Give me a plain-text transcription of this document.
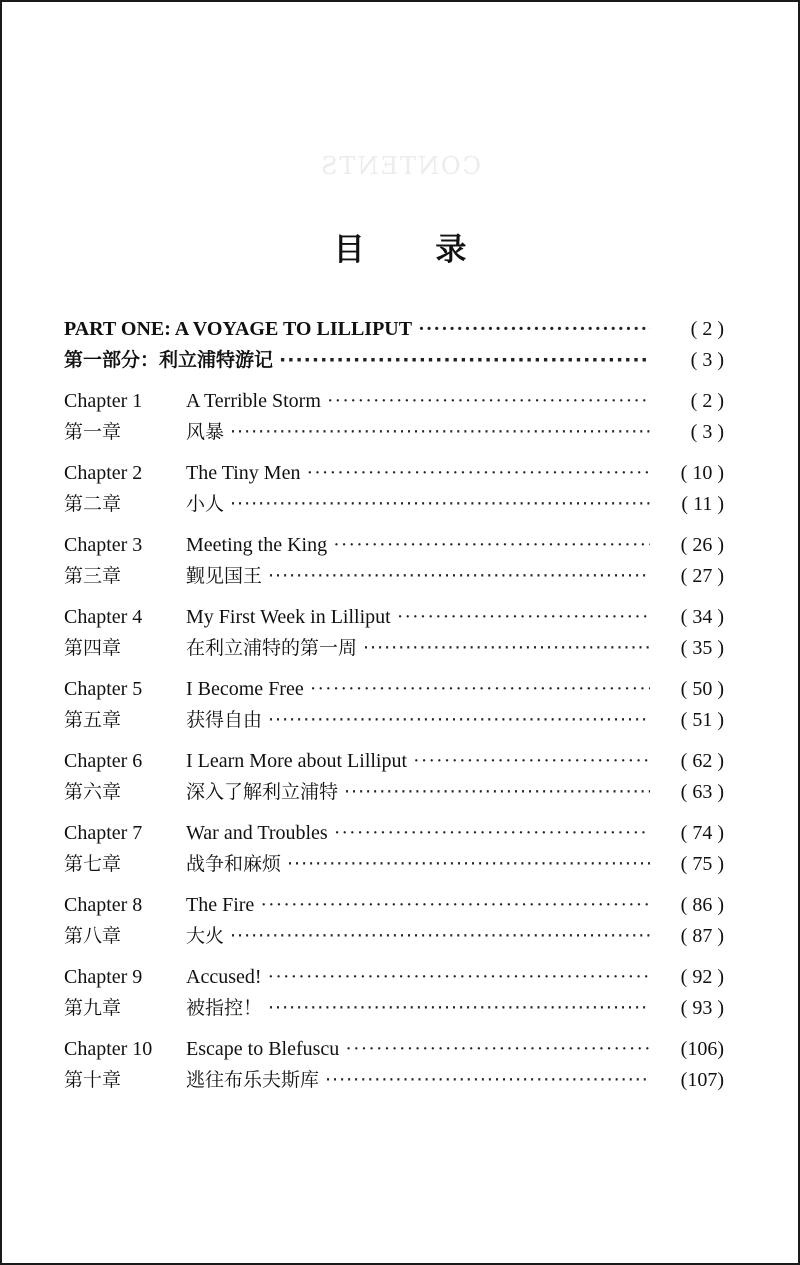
CONTENTS
目 录
PART ONE: A VOYAGE TO LILLIPUT ·····	( 2 )
第一部分：利立浦特游记 ·····	( 3 )
Chapter 1	A Terrible Storm ·····	( 2 )
第一章	风暴 ·····	( 3 )
Chapter 2	The Tiny Men ·····	( 10 )
第二章	小人 ·····	( 11 )
Chapter 3	Meeting the King ·····	( 26 )
第三章	觐见国王 ·····	( 27 )
Chapter 4	My First Week in Lilliput ·····	( 34 )
第四章	在利立浦特的第一周 ·····	( 35 )
Chapter 5	I Become Free ·····	( 50 )
第五章	获得自由 ·····	( 51 )
Chapter 6	I Learn More about Lilliput ·····	( 62 )
第六章	深入了解利立浦特 ·····	( 63 )
Chapter 7	War and Troubles ·····	( 74 )
第七章	战争和麻烦 ·····	( 75 )
Chapter 8	The Fire ·····	( 86 )
第八章	大火 ·····	( 87 )
Chapter 9	Accused! ·····	( 92 )
第九章	被指控！ ·····	( 93 )
Chapter 10	Escape to Blefuscu ·····	(106)
第十章	逃往布乐夫斯库 ·····	(107)
